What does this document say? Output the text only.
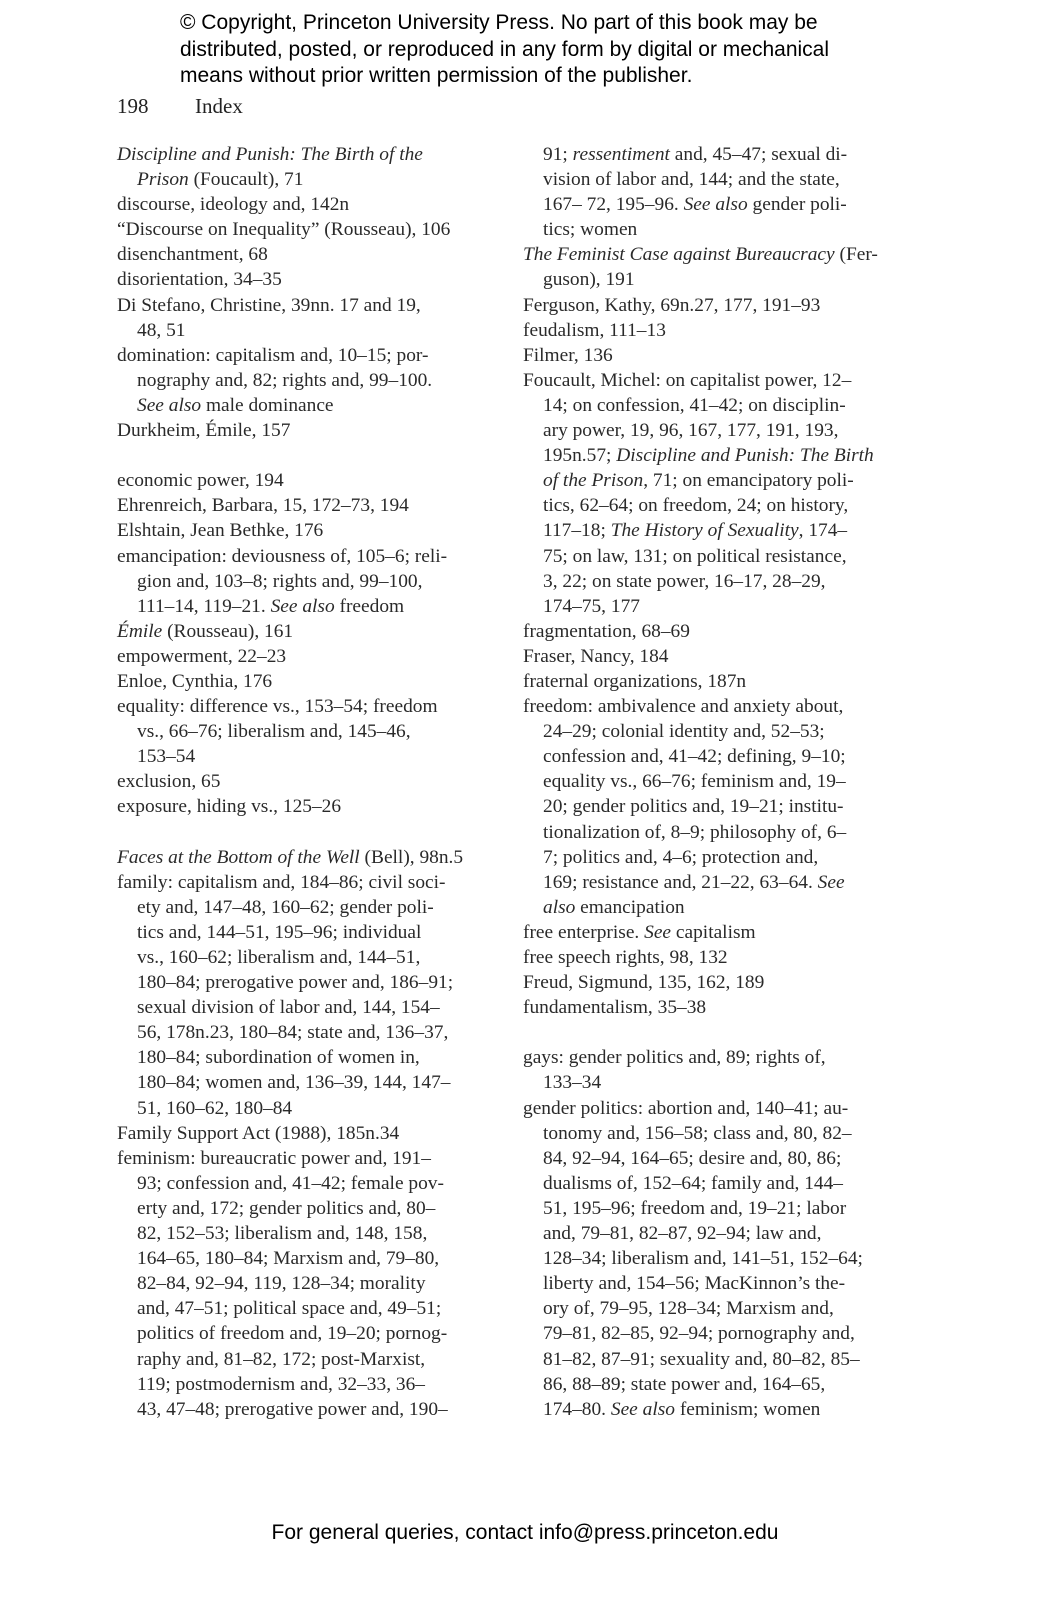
© Copyright, Princeton University Press. No part of this book may be
distributed, posted, or reproduced in any form by digital or mechanical
means without prior written permission of the publisher.
198 Index
Discipline and Punish: The Birth of the
Prison (Foucault), 71
discourse, ideology and, 142n
“Discourse on Inequality” (Rousseau), 106
disenchantment, 68
disorientation, 34–35
Di Stefano, Christine, 39nn. 17 and 19,
48, 51
domination: capitalism and, 10–15; por-
nography and, 82; rights and, 99–100.
See also male dominance
Durkheim, Émile, 157
economic power, 194
Ehrenreich, Barbara, 15, 172–73, 194
Elshtain, Jean Bethke, 176
emancipation: deviousness of, 105–6; reli-
gion and, 103–8; rights and, 99–100,
111–14, 119–21. See also freedom
Émile (Rousseau), 161
empowerment, 22–23
Enloe, Cynthia, 176
equality: difference vs., 153–54; freedom
vs., 66–76; liberalism and, 145–46,
153–54
exclusion, 65
exposure, hiding vs., 125–26
Faces at the Bottom of the Well (Bell), 98n.5
family: capitalism and, 184–86; civil soci-
ety and, 147–48, 160–62; gender poli-
tics and, 144–51, 195–96; individual
vs., 160–62; liberalism and, 144–51,
180–84; prerogative power and, 186–91;
sexual division of labor and, 144, 154–
56, 178n.23, 180–84; state and, 136–37,
180–84; subordination of women in,
180–84; women and, 136–39, 144, 147–
51, 160–62, 180–84
Family Support Act (1988), 185n.34
feminism: bureaucratic power and, 191–
93; confession and, 41–42; female pov-
erty and, 172; gender politics and, 80–
82, 152–53; liberalism and, 148, 158,
164–65, 180–84; Marxism and, 79–80,
82–84, 92–94, 119, 128–34; morality
and, 47–51; political space and, 49–51;
politics of freedom and, 19–20; pornog-
raphy and, 81–82, 172; post-Marxist,
119; postmodernism and, 32–33, 36–
43, 47–48; prerogative power and, 190–
91; ressentiment and, 45–47; sexual di-
vision of labor and, 144; and the state,
167– 72, 195–96. See also gender poli-
tics; women
The Feminist Case against Bureaucracy (Fer-
guson), 191
Ferguson, Kathy, 69n.27, 177, 191–93
feudalism, 111–13
Filmer, 136
Foucault, Michel: on capitalist power, 12–
14; on confession, 41–42; on disciplin-
ary power, 19, 96, 167, 177, 191, 193,
195n.57; Discipline and Punish: The Birth
of the Prison, 71; on emancipatory poli-
tics, 62–64; on freedom, 24; on history,
117–18; The History of Sexuality, 174–
75; on law, 131; on political resistance,
3, 22; on state power, 16–17, 28–29,
174–75, 177
fragmentation, 68–69
Fraser, Nancy, 184
fraternal organizations, 187n
freedom: ambivalence and anxiety about,
24–29; colonial identity and, 52–53;
confession and, 41–42; defining, 9–10;
equality vs., 66–76; feminism and, 19–
20; gender politics and, 19–21; institu-
tionalization of, 8–9; philosophy of, 6–
7; politics and, 4–6; protection and,
169; resistance and, 21–22, 63–64. See
also emancipation
free enterprise. See capitalism
free speech rights, 98, 132
Freud, Sigmund, 135, 162, 189
fundamentalism, 35–38
gays: gender politics and, 89; rights of,
133–34
gender politics: abortion and, 140–41; au-
tonomy and, 156–58; class and, 80, 82–
84, 92–94, 164–65; desire and, 80, 86;
dualisms of, 152–64; family and, 144–
51, 195–96; freedom and, 19–21; labor
and, 79–81, 82–87, 92–94; law and,
128–34; liberalism and, 141–51, 152–64;
liberty and, 154–56; MacKinnon’s the-
ory of, 79–95, 128–34; Marxism and,
79–81, 82–85, 92–94; pornography and,
81–82, 87–91; sexuality and, 80–82, 85–
86, 88–89; state power and, 164–65,
174–80. See also feminism; women
For general queries, contact info@press.princeton.edu
